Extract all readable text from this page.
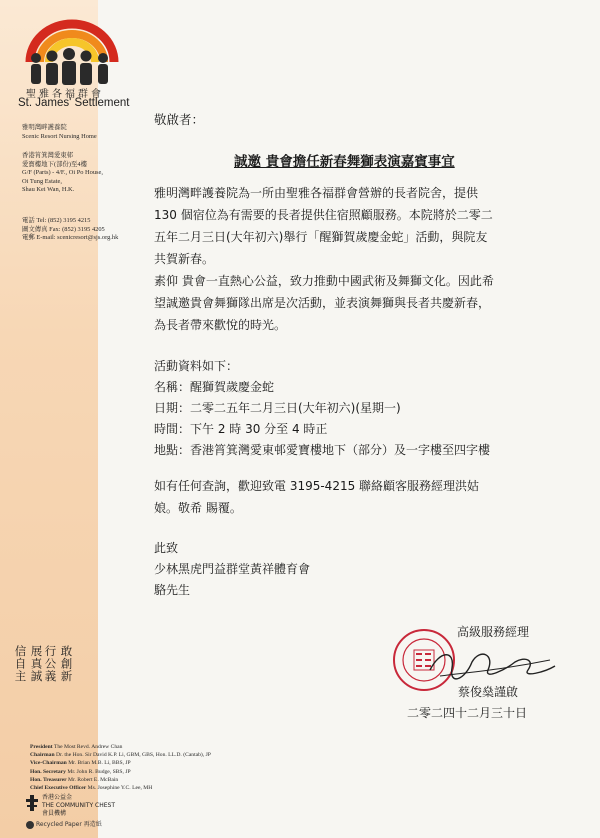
聖雅各福群會
St. James' Settlement
雅明灣畔護養院
Scenic Resort Nursing Home
香港筲箕灣愛東邨
愛寶樓地下(部份)至4樓
G/F (Parts) - 4/F., Oi Po House,
Oi Tung Estate,
Shau Kei Wan, H.K.
電話 Tel: (852) 3195 4215
圖文傳真 Fax: (852) 3195 4205
電郵 E-mail: scenicresort@sjs.org.hk
敢創新
行公義
展真誠
信自主
President The Most Revd. Andrew Chan
Chairman Dr. the Hon. Sir David K.P. Li, GBM, GBS, Hon. LL.D. (Cantab), JP
Vice-Chairman Mr. Brian M.B. Li, BBS, JP
Hon. Secretary Mr. John R. Budge, SBS, JP
Hon. Treasurer Mr. Robert E. McBain
Chief Executive Officer Ms. Josephine Y.C. Lee, MH
香港公益金
THE COMMUNITY CHEST
會員機構
Recycled Paper 再造紙
敬啟者：
誠邀 貴會擔任新春舞獅表演嘉賓事宜
雅明灣畔護養院為一所由聖雅各福群會營辦的長者院舍，提供 130 個宿位為有需要的長者提供住宿照顧服務。本院將於二零二五年二月三日(大年初六)舉行「醒獅賀歲慶金蛇」活動，與院友共賀新春。
素仰 貴會一直熱心公益，致力推動中國武術及舞獅文化。因此希望誠邀貴會舞獅隊出席是次活動，並表演舞獅與長者共慶新春，為長者帶來歡悅的時光。
活動資料如下：
名稱：醒獅賀歲慶金蛇
日期：二零二五年二月三日(大年初六)(星期一)
時間：下午 2 時 30 分至 4 時正
地點：香港筲箕灣愛東邨愛寶樓地下（部分）及一字樓至四字樓
如有任何查詢，歡迎致電 3195-4215 聯絡顧客服務經理洪姑娘。敬希 賜覆。
此致
少林黑虎門益群堂黃祥體育會
駱先生
高級服務經理
蔡俊燊謹啟
二零二四十二月三十日
